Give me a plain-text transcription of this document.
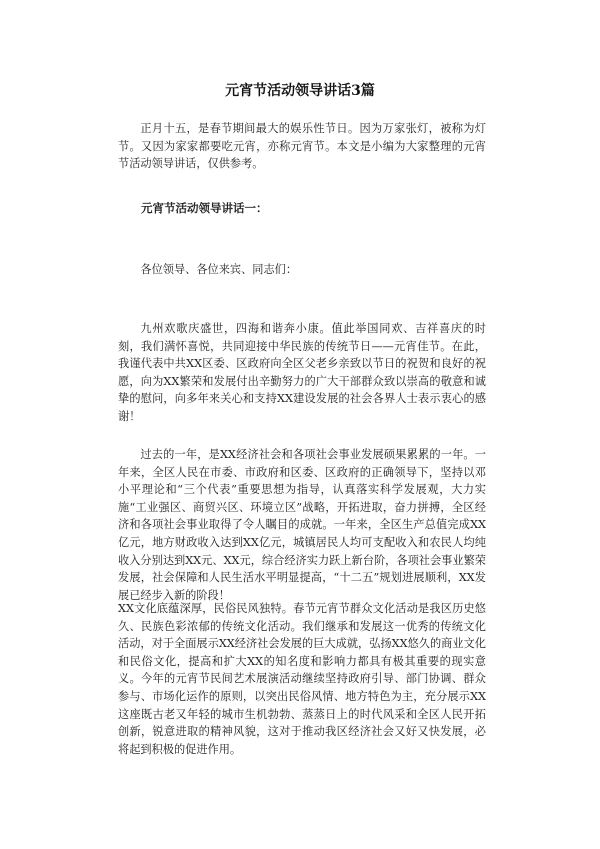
元宵节活动领导讲话3篇

正月十五，是春节期间最大的娱乐性节日。因为万家张灯，被称为灯节。又因为家家都要吃元宵，亦称元宵节。本文是小编为大家整理的元宵节活动领导讲话，仅供参考。

元宵节活动领导讲话一：

各位领导、各位来宾、同志们：

九州欢歌庆盛世，四海和谐奔小康。值此举国同欢、吉祥喜庆的时刻，我们满怀喜悦，共同迎接中华民族的传统节日——元宵佳节。在此，我谨代表中共XX区委、区政府向全区父老乡亲致以节日的祝贺和良好的祝愿，向为XX繁荣和发展付出辛勤努力的广大干部群众致以崇高的敬意和诚挚的慰问，向多年来关心和支持XX建设发展的社会各界人士表示衷心的感谢！

过去的一年，是XX经济社会和各项社会事业发展硕果累累的一年。一年来，全区人民在市委、市政府和区委、区政府的正确领导下，坚持以邓小平理论和“三个代表”重要思想为指导，认真落实科学发展观，大力实施“工业强区、商贸兴区、环境立区”战略，开拓进取，奋力拼搏，全区经济和各项社会事业取得了令人瞩目的成就。一年来，全区生产总值完成XX亿元，地方财政收入达到XX亿元，城镇居民人均可支配收入和农民人均纯收入分别达到XX元、XX元，综合经济实力跃上新台阶，各项社会事业繁荣发展，社会保障和人民生活水平明显提高，“十二五”规划进展顺利，XX发展已经步入新的阶段！

XX文化底蕴深厚，民俗民风独特。春节元宵节群众文化活动是我区历史悠久、民族色彩浓郁的传统文化活动。我们继承和发展这一优秀的传统文化活动，对于全面展示XX经济社会发展的巨大成就，弘扬XX悠久的商业文化和民俗文化，提高和扩大XX的知名度和影响力都具有极其重要的现实意义。今年的元宵节民间艺术展演活动继续坚持政府引导、部门协调、群众参与、市场化运作的原则，以突出民俗风情、地方特色为主，充分展示XX这座既古老又年轻的城市生机勃勃、蒸蒸日上的时代风采和全区人民开拓创新，锐意进取的精神风貌，这对于推动我区经济社会又好又快发展，必将起到积极的促进作用。
